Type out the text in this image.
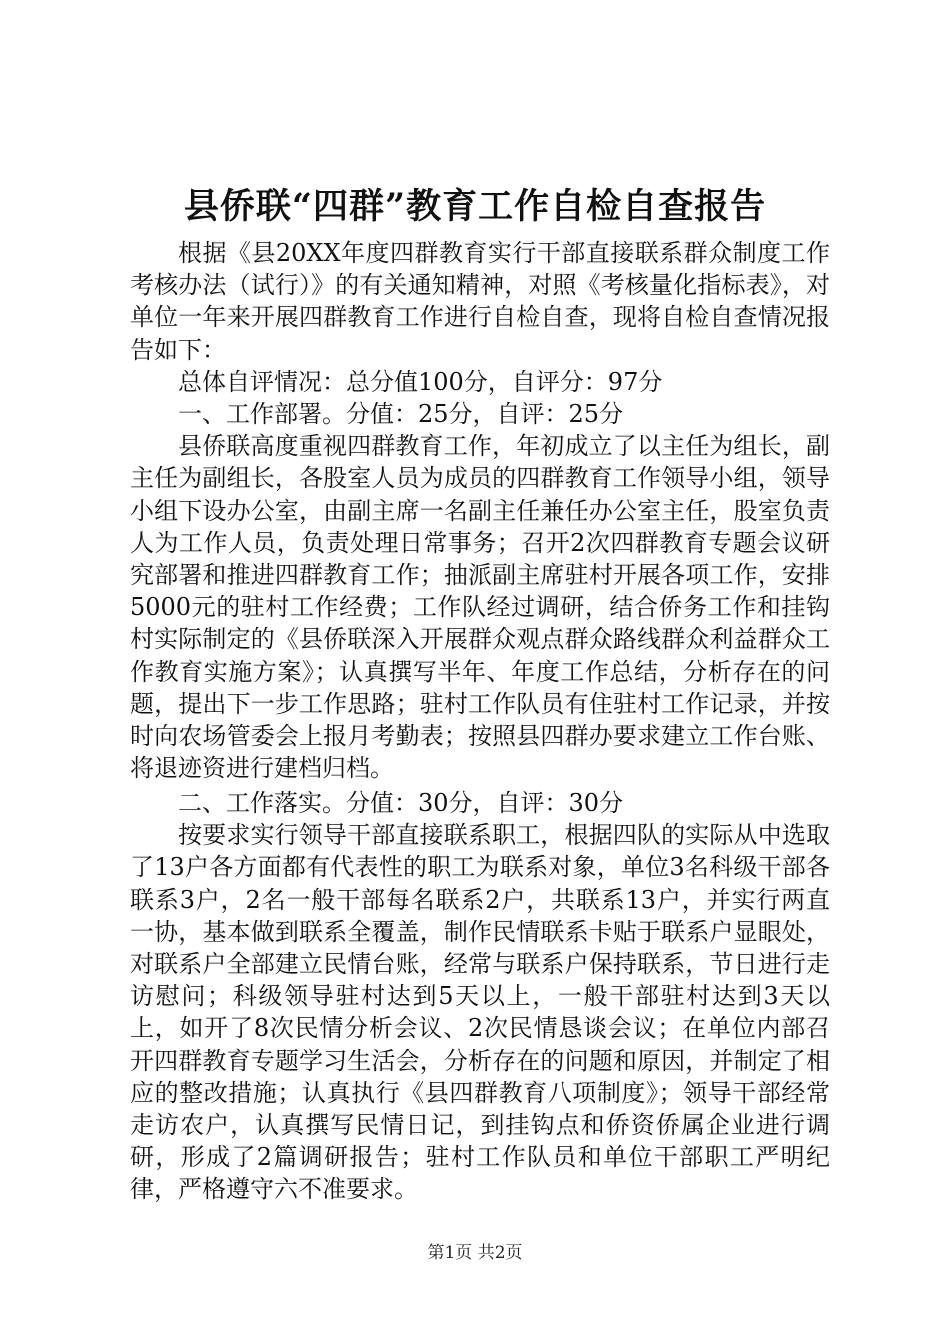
县侨联“四群”教育工作自检自查报告

根据《县20XX年度四群教育实行干部直接联系群众制度工作考核办法（试行）》的有关通知精神，对照《考核量化指标表》，对单位一年来开展四群教育工作进行自检自查，现将自检自查情况报告如下：

总体自评情况：总分值100分，自评分：97分

一、工作部署。分值：25分，自评：25分

县侨联高度重视四群教育工作，年初成立了以主任为组长，副主任为副组长，各股室人员为成员的四群教育工作领导小组，领导小组下设办公室，由副主席一名副主任兼任办公室主任，股室负责人为工作人员，负责处理日常事务；召开2次四群教育专题会议研究部署和推进四群教育工作；抽派副主席驻村开展各项工作，安排5000元的驻村工作经费；工作队经过调研，结合侨务工作和挂钩村实际制定的《县侨联深入开展群众观点群众路线群众利益群众工作教育实施方案》；认真撰写半年、年度工作总结，分析存在的问题，提出下一步工作思路；驻村工作队员有住驻村工作记录，并按时向农场管委会上报月考勤表；按照县四群办要求建立工作台账、将退迹资进行建档归档。

二、工作落实。分值：30分，自评：30分

按要求实行领导干部直接联系职工，根据四队的实际从中选取了13户各方面都有代表性的职工为联系对象，单位3名科级干部各联系3户，2名一般干部每名联系2户，共联系13户，并实行两直一协，基本做到联系全覆盖，制作民情联系卡贴于联系户显眼处，对联系户全部建立民情台账，经常与联系户保持联系，节日进行走访慰问；科级领导驻村达到5天以上，一般干部驻村达到3天以上，如开了8次民情分析会议、2次民情恳谈会议；在单位内部召开四群教育专题学习生活会，分析存在的问题和原因，并制定了相应的整改措施；认真执行《县四群教育八项制度》；领导干部经常走访农户，认真撰写民情日记，到挂钩点和侨资侨属企业进行调研，形成了2篇调研报告；驻村工作队员和单位干部职工严明纪律，严格遵守六不准要求。

第1页 共2页
